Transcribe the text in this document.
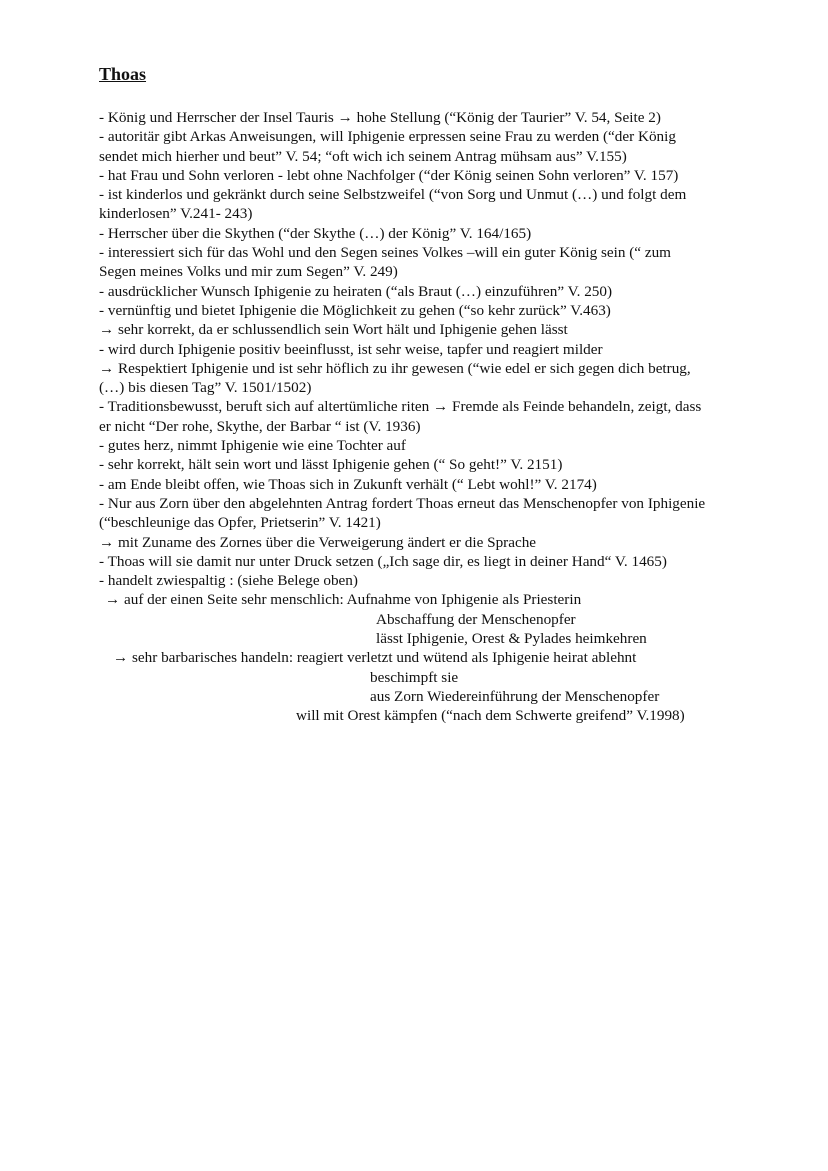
Thoas
- König und Herrscher der Insel Tauris → hohe Stellung (“König der Taurier” V. 54, Seite 2)
- autoritär gibt Arkas Anweisungen, will Iphigenie erpressen seine Frau zu werden (“der König
sendet mich hierher und beut” V. 54; “oft wich ich seinem Antrag mühsam aus” V.155)
- hat Frau und Sohn verloren - lebt ohne Nachfolger (“der König seinen Sohn verloren” V. 157)
- ist kinderlos und gekränkt durch seine Selbstzweifel (“von Sorg und Unmut (…) und folgt dem
kinderlosen” V.241- 243)
- Herrscher über die Skythen (“der Skythe (…) der König” V. 164/165)
- interessiert sich für das Wohl und den Segen seines Volkes –will ein guter König sein (“ zum
Segen meines Volks und mir zum Segen” V. 249)
- ausdrücklicher Wunsch Iphigenie zu heiraten (“als Braut (…) einzuführen” V. 250)
- vernünftig und bietet Iphigenie die Möglichkeit zu gehen (“so kehr zurück” V.463)
→ sehr korrekt, da er schlussendlich sein Wort hält und Iphigenie gehen lässt
- wird durch Iphigenie positiv beeinflusst, ist sehr weise, tapfer und reagiert milder
→ Respektiert Iphigenie und ist sehr höflich zu ihr gewesen (“wie edel er sich gegen dich betrug,
(…) bis diesen Tag” V. 1501/1502)
- Traditionsbewusst, beruft sich auf altertümliche riten → Fremde als Feinde behandeln, zeigt, dass
er nicht “Der rohe, Skythe, der Barbar “ ist (V. 1936)
- gutes herz, nimmt Iphigenie wie eine Tochter auf
- sehr korrekt, hält sein wort und lässt Iphigenie gehen (“ So geht!” V. 2151)
- am Ende bleibt offen, wie Thoas sich in Zukunft verhält (“ Lebt wohl!” V. 2174)
- Nur aus Zorn über den abgelehnten Antrag fordert Thoas erneut das Menschenopfer von Iphigenie
(“beschleunige das Opfer, Prietserin” V. 1421)
→ mit Zuname des Zornes über die Verweigerung ändert er die Sprache
- Thoas will sie damit nur unter Druck setzen („Ich sage dir, es liegt in deiner Hand“ V. 1465)
- handelt zwiespaltig : (siehe Belege oben)
→ auf der einen Seite sehr menschlich: Aufnahme von Iphigenie als Priesterin
Abschaffung der Menschenopfer
lässt Iphigenie, Orest & Pylades heimkehren
→ sehr barbarisches handeln: reagiert verletzt und wütend als Iphigenie heirat ablehnt
beschimpft sie
aus Zorn Wiedereinführung der Menschenopfer
will mit Orest kämpfen (“nach dem Schwerte greifend” V.1998)
